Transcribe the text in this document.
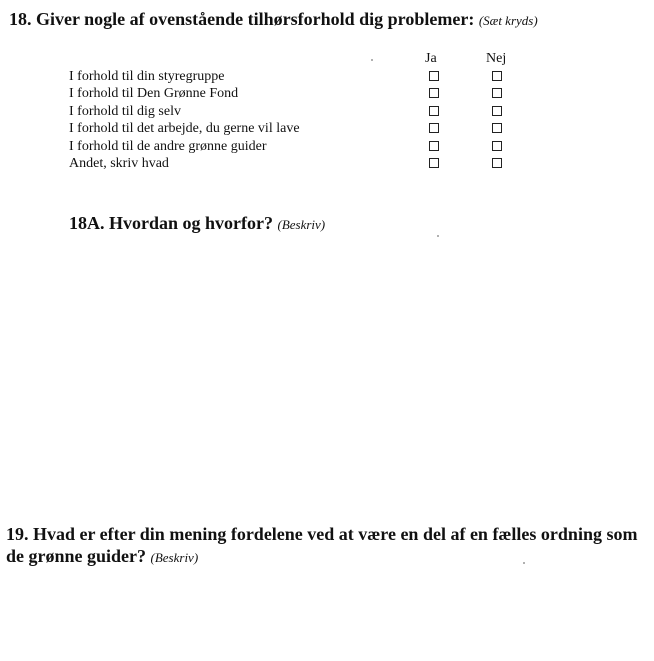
18. Giver nogle af ovenstående tilhørsforhold dig problemer: (Sæt kryds)
Ja	Nej
I forhold til din styregruppe
I forhold til Den Grønne Fond
I forhold til dig selv
I forhold til det arbejde, du gerne vil lave
I forhold til de andre grønne guider
Andet, skriv hvad
18A. Hvordan og hvorfor? (Beskriv)
19. Hvad er efter din mening fordelene ved at være en del af en fælles ordning som de grønne guider? (Beskriv)
